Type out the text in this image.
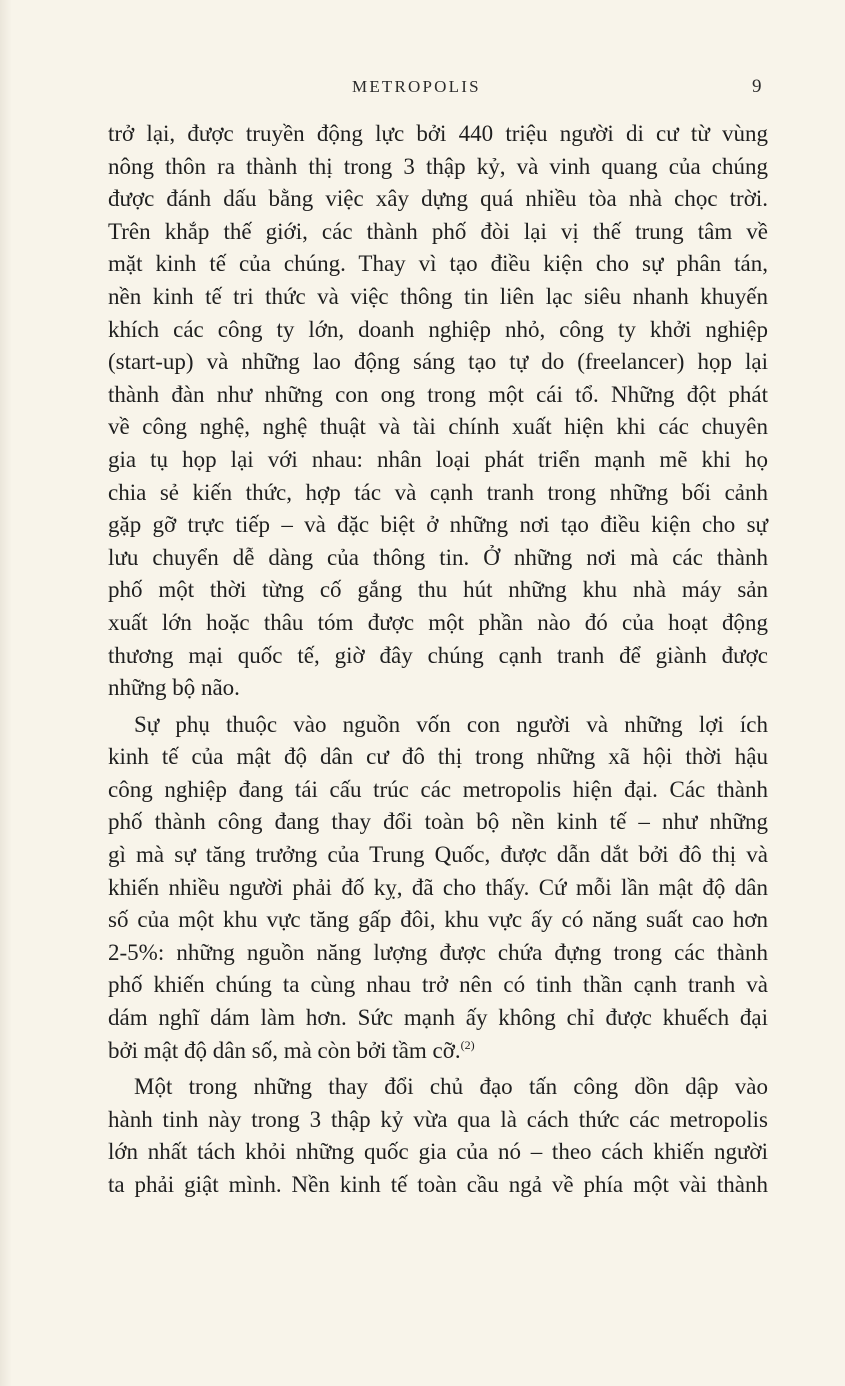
METROPOLIS	9
trở lại, được truyền động lực bởi 440 triệu người di cư từ vùng
nông thôn ra thành thị trong 3 thập kỷ, và vinh quang của chúng
được đánh dấu bằng việc xây dựng quá nhiều tòa nhà chọc trời.
Trên khắp thế giới, các thành phố đòi lại vị thế trung tâm về
mặt kinh tế của chúng. Thay vì tạo điều kiện cho sự phân tán,
nền kinh tế tri thức và việc thông tin liên lạc siêu nhanh khuyến
khích các công ty lớn, doanh nghiệp nhỏ, công ty khởi nghiệp
(start-up) và những lao động sáng tạo tự do (freelancer) họp lại
thành đàn như những con ong trong một cái tổ. Những đột phát
về công nghệ, nghệ thuật và tài chính xuất hiện khi các chuyên
gia tụ họp lại với nhau: nhân loại phát triển mạnh mẽ khi họ
chia sẻ kiến thức, hợp tác và cạnh tranh trong những bối cảnh
gặp gỡ trực tiếp – và đặc biệt ở những nơi tạo điều kiện cho sự
lưu chuyển dễ dàng của thông tin. Ở những nơi mà các thành
phố một thời từng cố gắng thu hút những khu nhà máy sản
xuất lớn hoặc thâu tóm được một phần nào đó của hoạt động
thương mại quốc tế, giờ đây chúng cạnh tranh để giành được
những bộ não.
Sự phụ thuộc vào nguồn vốn con người và những lợi ích
kinh tế của mật độ dân cư đô thị trong những xã hội thời hậu
công nghiệp đang tái cấu trúc các metropolis hiện đại. Các thành
phố thành công đang thay đổi toàn bộ nền kinh tế – như những
gì mà sự tăng trưởng của Trung Quốc, được dẫn dắt bởi đô thị và
khiến nhiều người phải đố kỵ, đã cho thấy. Cứ mỗi lần mật độ dân
số của một khu vực tăng gấp đôi, khu vực ấy có năng suất cao hơn
2-5%: những nguồn năng lượng được chứa đựng trong các thành
phố khiến chúng ta cùng nhau trở nên có tinh thần cạnh tranh và
dám nghĩ dám làm hơn. Sức mạnh ấy không chỉ được khuếch đại
bởi mật độ dân số, mà còn bởi tầm cỡ.$^{(2)}$
Một trong những thay đổi chủ đạo tấn công dồn dập vào
hành tinh này trong 3 thập kỷ vừa qua là cách thức các metropolis
lớn nhất tách khỏi những quốc gia của nó – theo cách khiến người
ta phải giật mình. Nền kinh tế toàn cầu ngả về phía một vài thành
